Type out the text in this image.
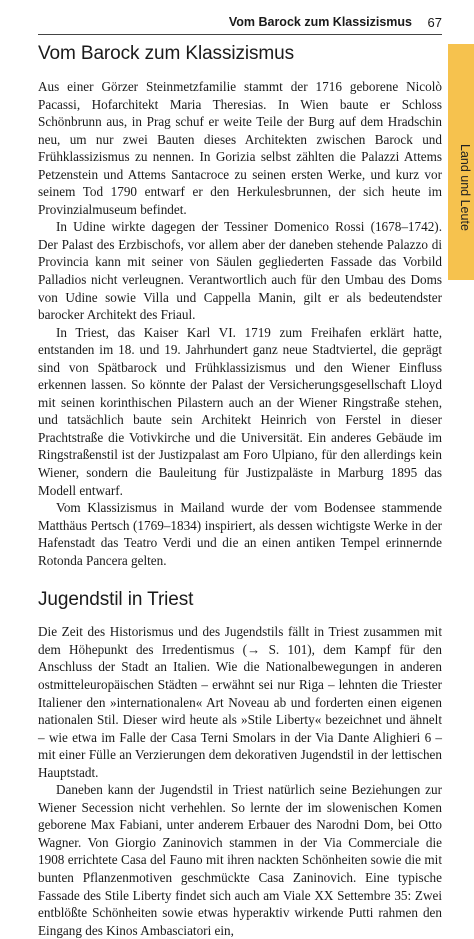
Vom Barock zum Klassizismus 67
Land und Leute
Vom Barock zum Klassizismus

Aus einer Görzer Steinmetzfamilie stammt der 1716 geborene Nicolò Pacassi, Hofarchitekt Maria Theresias. In Wien baute er Schloss Schönbrunn aus, in Prag schuf er weite Teile der Burg auf dem Hradschin neu, um nur zwei Bauten dieses Architekten zwischen Barock und Frühklassizismus zu nennen. In Gorizia selbst zählten die Palazzi Attems Petzenstein und Attems Santacroce zu seinen ersten Werke, und kurz vor seinem Tod 1790 entwarf er den Herkulesbrunnen, der sich heute im Provinzialmuseum befindet.

In Udine wirkte dagegen der Tessiner Domenico Rossi (1678–1742). Der Palast des Erzbischofs, vor allem aber der daneben stehende Palazzo di Provincia kann mit seiner von Säulen gegliederten Fassade das Vorbild Palladios nicht verleugnen. Verantwortlich auch für den Umbau des Doms von Udine sowie Villa und Cappella Manin, gilt er als bedeutendster barocker Architekt des Friaul.

In Triest, das Kaiser Karl VI. 1719 zum Freihafen erklärt hatte, entstanden im 18. und 19. Jahrhundert ganz neue Stadtviertel, die geprägt sind von Spätbarock und Frühklassizismus und den Wiener Einfluss erkennen lassen. So könnte der Palast der Versicherungsgesellschaft Lloyd mit seinen korinthischen Pilastern auch an der Wiener Ringstraße stehen, und tatsächlich baute sein Architekt Heinrich von Ferstel in dieser Prachtstraße die Votivkirche und die Universität. Ein anderes Gebäude im Ringstraßenstil ist der Justizpalast am Foro Ulpiano, für den allerdings kein Wiener, sondern die Bauleitung für Justizpaläste in Marburg 1895 das Modell entwarf.

Vom Klassizismus in Mailand wurde der vom Bodensee stammende Matthäus Pertsch (1769–1834) inspiriert, als dessen wichtigste Werke in der Hafenstadt das Teatro Verdi und die an einen antiken Tempel erinnernde Rotonda Pancera gelten.

Jugendstil in Triest

Die Zeit des Historismus und des Jugendstils fällt in Triest zusammen mit dem Höhepunkt des Irredentismus (→ S. 101), dem Kampf für den Anschluss der Stadt an Italien. Wie die Nationalbewegungen in anderen ostmitteleuropäischen Städten – erwähnt sei nur Riga – lehnten die Triester Italiener den »internationalen« Art Noveau ab und forderten einen eigenen nationalen Stil. Dieser wird heute als »Stile Liberty« bezeichnet und ähnelt – wie etwa im Falle der Casa Terni Smolars in der Via Dante Alighieri 6 – mit einer Fülle an Verzierungen dem dekorativen Jugendstil in der lettischen Hauptstadt.

Daneben kann der Jugendstil in Triest natürlich seine Beziehungen zur Wiener Secession nicht verhehlen. So lernte der im slowenischen Komen geborene Max Fabiani, unter anderem Erbauer des Narodni Dom, bei Otto Wagner. Von Giorgio Zaninovich stammen in der Via Commerciale die 1908 errichtete Casa del Fauno mit ihren nackten Schönheiten sowie die mit bunten Pflanzenmotiven geschmückte Casa Zaninovich. Eine typische Fassade des Stile Liberty findet sich auch am Viale XX Settembre 35: Zwei entblößte Schönheiten sowie etwas hyperaktiv wirkende Putti rahmen den Eingang des Kinos Ambasciatori ein,
